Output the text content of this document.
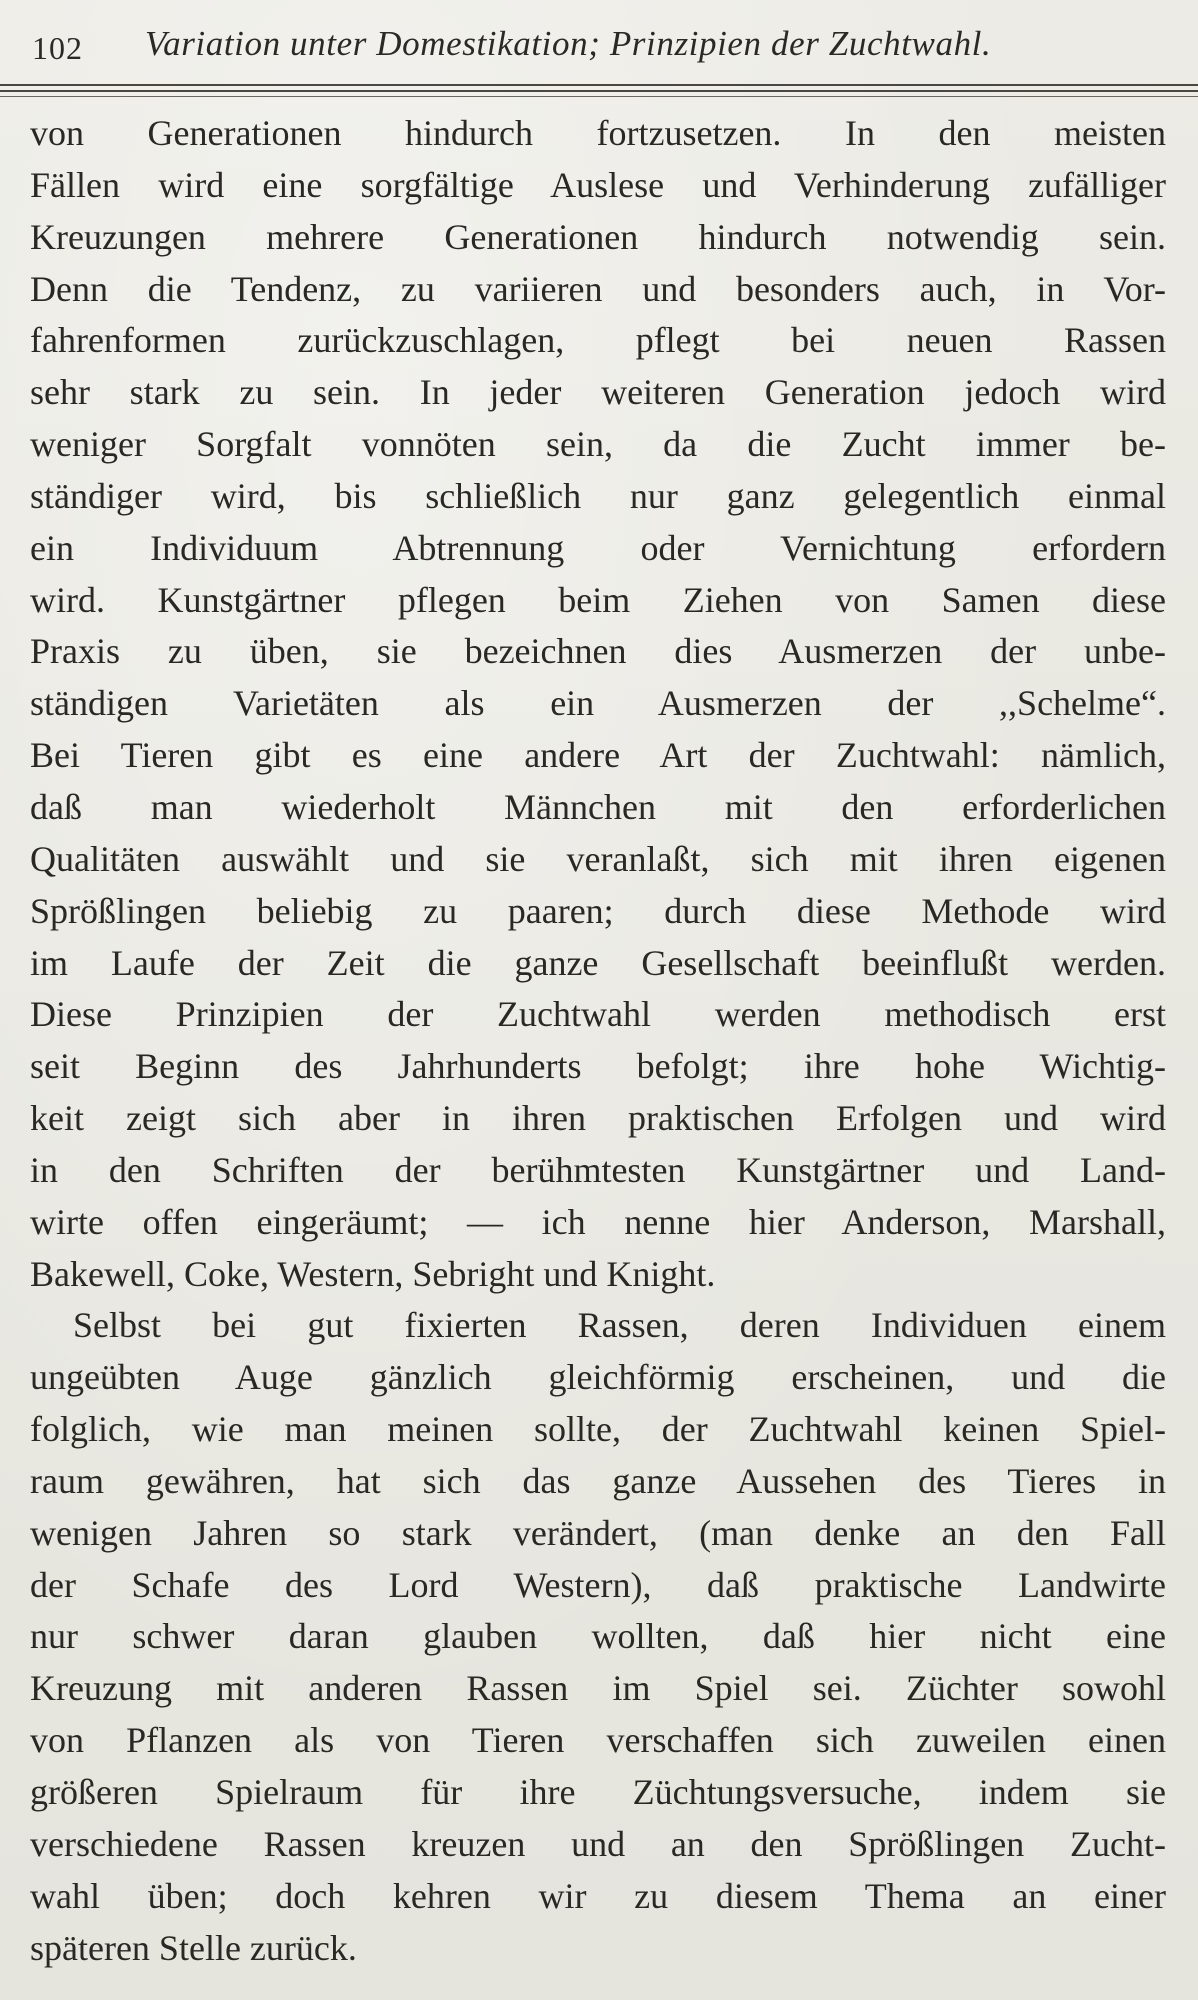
102 Variation unter Domestikation; Prinzipien der Zuchtwahl.

von Generationen hindurch fortzusetzen. In den meisten
Fällen wird eine sorgfältige Auslese und Verhinderung zufälliger
Kreuzungen mehrere Generationen hindurch notwendig sein.
Denn die Tendenz, zu variieren und besonders auch, in Vor-
fahrenformen zurückzuschlagen, pflegt bei neuen Rassen
sehr stark zu sein. In jeder weiteren Generation jedoch wird
weniger Sorgfalt vonnöten sein, da die Zucht immer be-
ständiger wird, bis schließlich nur ganz gelegentlich einmal
ein Individuum Abtrennung oder Vernichtung erfordern
wird. Kunstgärtner pflegen beim Ziehen von Samen diese
Praxis zu üben, sie bezeichnen dies Ausmerzen der unbe-
ständigen Varietäten als ein Ausmerzen der ,,Schelme“.
Bei Tieren gibt es eine andere Art der Zuchtwahl: nämlich,
daß man wiederholt Männchen mit den erforderlichen
Qualitäten auswählt und sie veranlaßt, sich mit ihren eigenen
Sprößlingen beliebig zu paaren; durch diese Methode wird
im Laufe der Zeit die ganze Gesellschaft beeinflußt werden.
Diese Prinzipien der Zuchtwahl werden methodisch erst
seit Beginn des Jahrhunderts befolgt; ihre hohe Wichtig-
keit zeigt sich aber in ihren praktischen Erfolgen und wird
in den Schriften der berühmtesten Kunstgärtner und Land-
wirte offen eingeräumt; — ich nenne hier Anderson, Marshall,
Bakewell, Coke, Western, Sebright und Knight.

Selbst bei gut fixierten Rassen, deren Individuen einem
ungeübten Auge gänzlich gleichförmig erscheinen, und die
folglich, wie man meinen sollte, der Zuchtwahl keinen Spiel-
raum gewähren, hat sich das ganze Aussehen des Tieres in
wenigen Jahren so stark verändert, (man denke an den Fall
der Schafe des Lord Western), daß praktische Landwirte
nur schwer daran glauben wollten, daß hier nicht eine
Kreuzung mit anderen Rassen im Spiel sei. Züchter sowohl
von Pflanzen als von Tieren verschaffen sich zuweilen einen
größeren Spielraum für ihre Züchtungsversuche, indem sie
verschiedene Rassen kreuzen und an den Sprößlingen Zucht-
wahl üben; doch kehren wir zu diesem Thema an einer
späteren Stelle zurück.
